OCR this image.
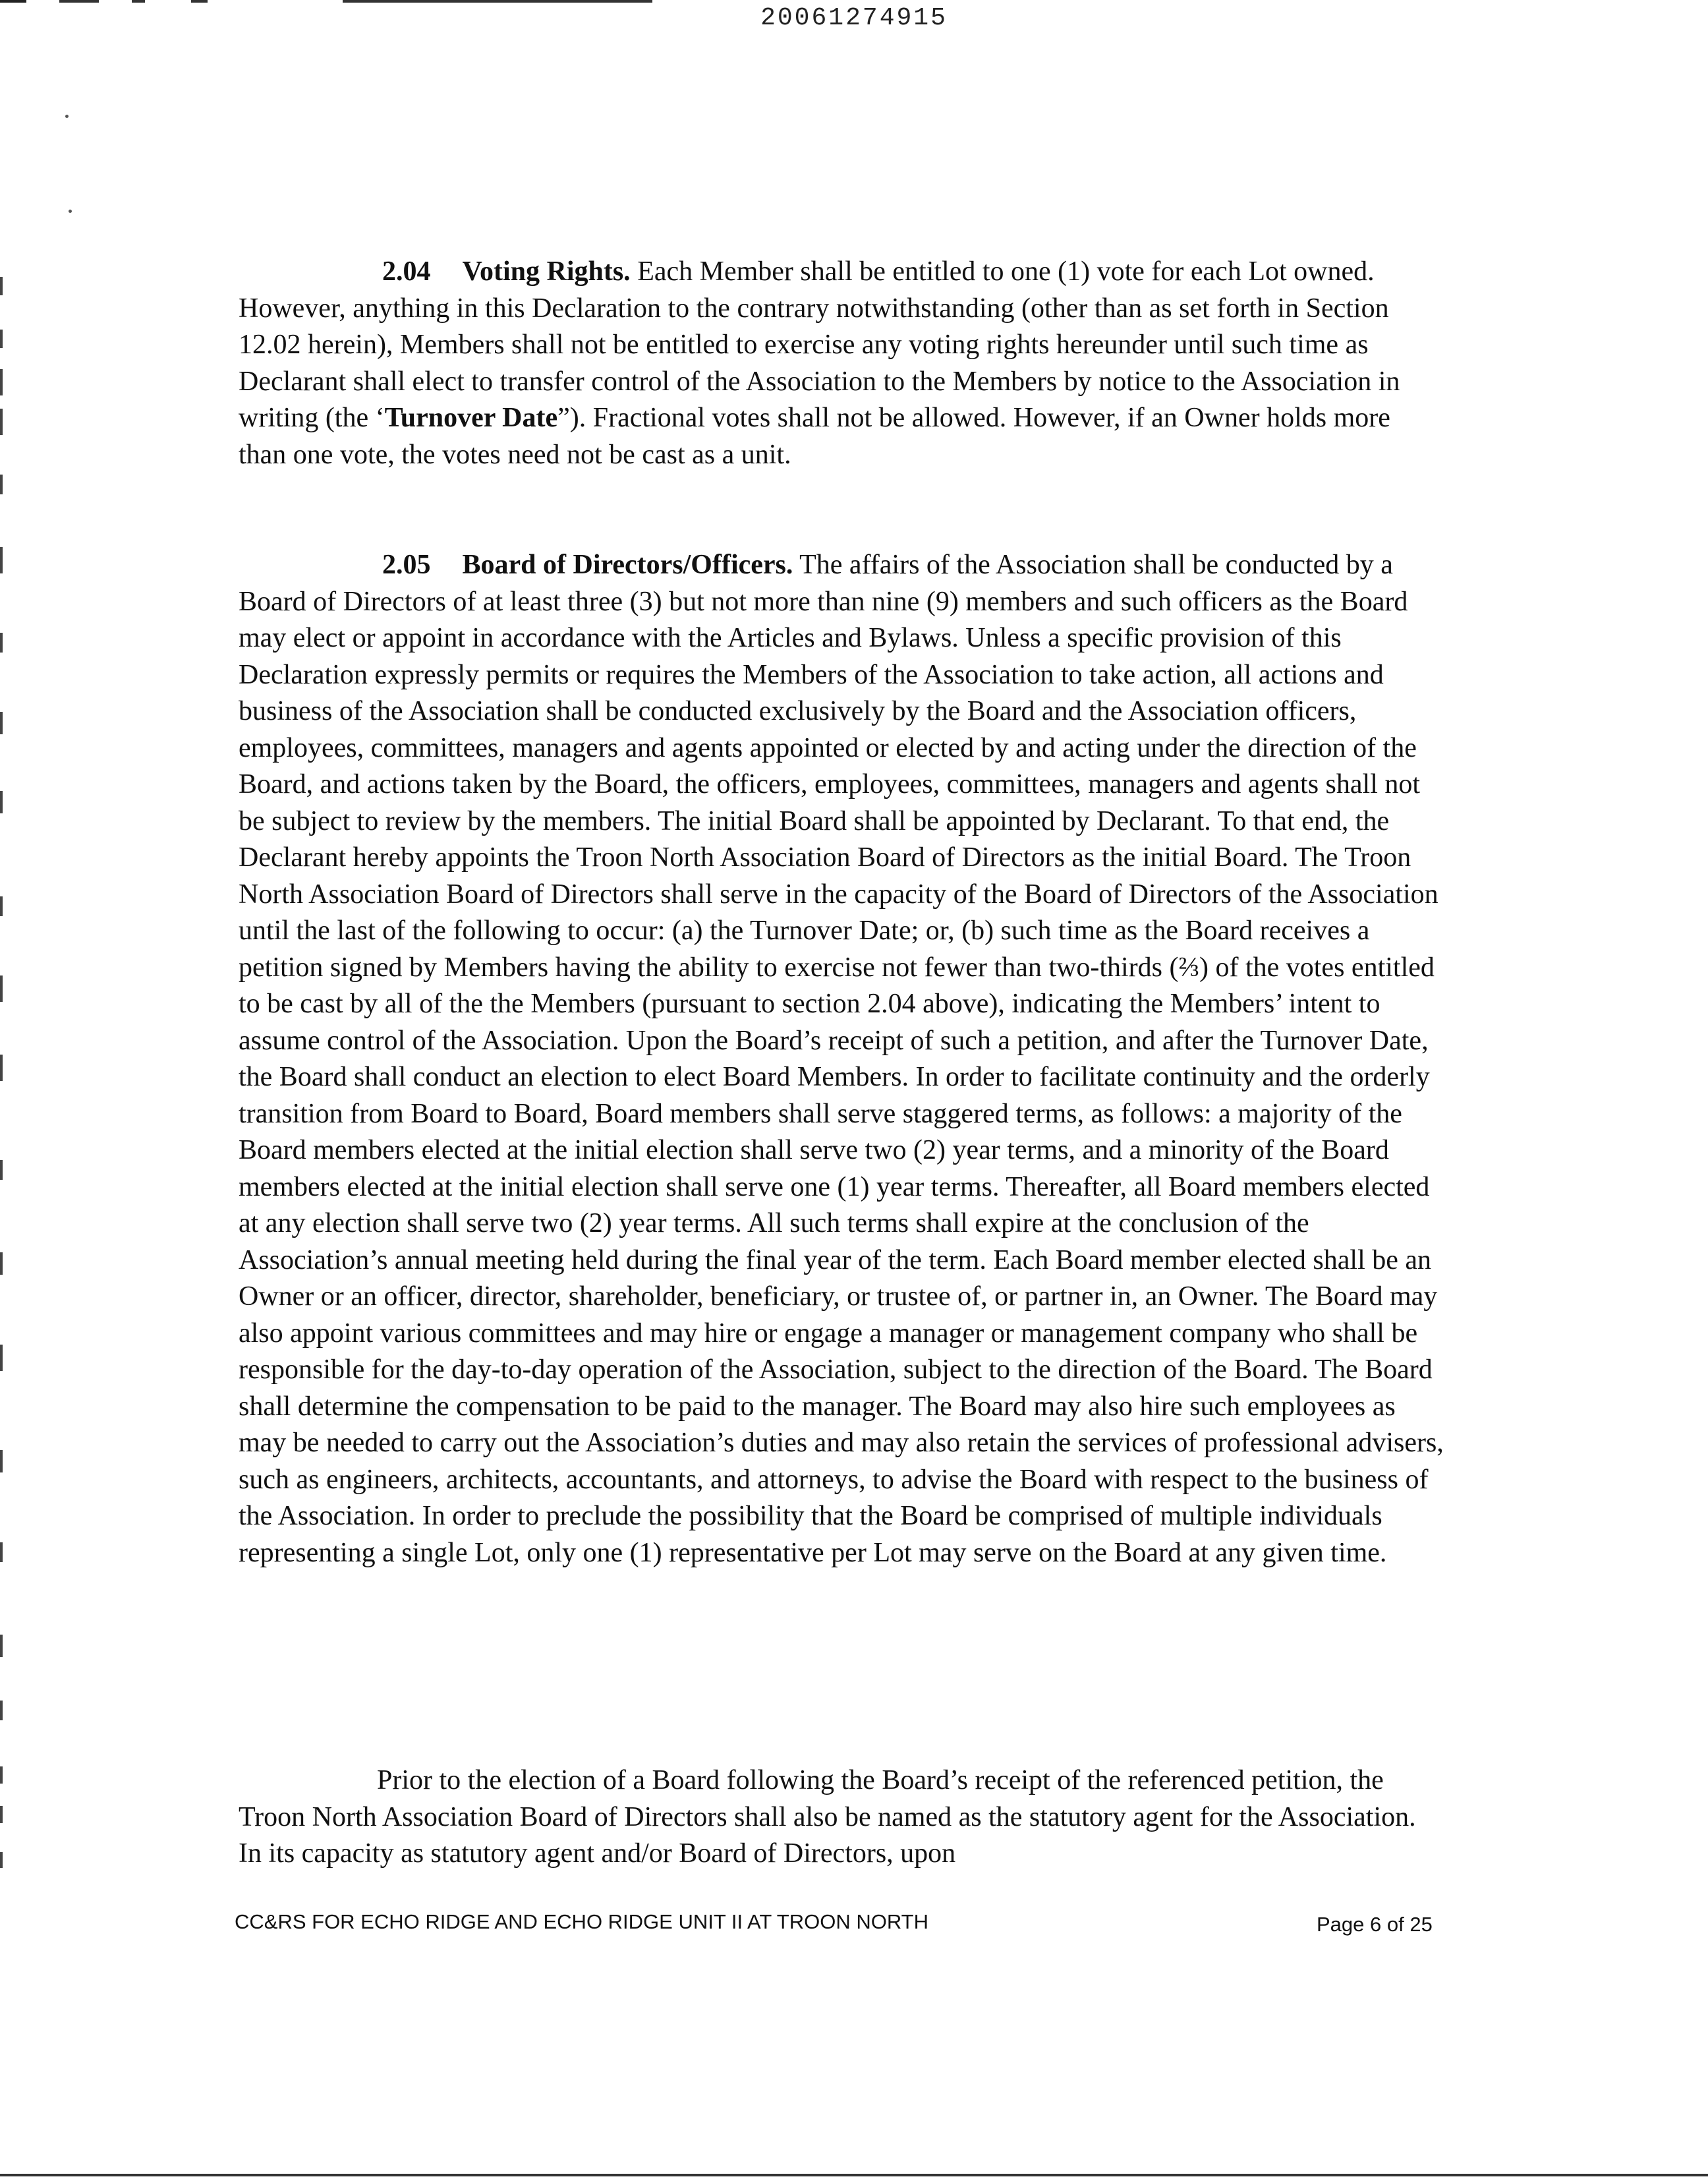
20061274915

2.04 Voting Rights. Each Member shall be entitled to one (1) vote for each Lot owned. However, anything in this Declaration to the contrary notwithstanding (other than as set forth in Section 12.02 herein), Members shall not be entitled to exercise any voting rights hereunder until such time as Declarant shall elect to transfer control of the Association to the Members by notice to the Association in writing (the ‘Turnover Date”). Fractional votes shall not be allowed. However, if an Owner holds more than one vote, the votes need not be cast as a unit.

2.05 Board of Directors/Officers. The affairs of the Association shall be conducted by a Board of Directors of at least three (3) but not more than nine (9) members and such officers as the Board may elect or appoint in accordance with the Articles and Bylaws. Unless a specific provision of this Declaration expressly permits or requires the Members of the Association to take action, all actions and business of the Association shall be conducted exclusively by the Board and the Association officers, employees, committees, managers and agents appointed or elected by and acting under the direction of the Board, and actions taken by the Board, the officers, employees, committees, managers and agents shall not be subject to review by the members. The initial Board shall be appointed by Declarant. To that end, the Declarant hereby appoints the Troon North Association Board of Directors as the initial Board. The Troon North Association Board of Directors shall serve in the capacity of the Board of Directors of the Association until the last of the following to occur: (a) the Turnover Date; or, (b) such time as the Board receives a petition signed by Members having the ability to exercise not fewer than two-thirds (⅔) of the votes entitled to be cast by all of the the Members (pursuant to section 2.04 above), indicating the Members’ intent to assume control of the Association. Upon the Board’s receipt of such a petition, and after the Turnover Date, the Board shall conduct an election to elect Board Members. In order to facilitate continuity and the orderly transition from Board to Board, Board members shall serve staggered terms, as follows: a majority of the Board members elected at the initial election shall serve two (2) year terms, and a minority of the Board members elected at the initial election shall serve one (1) year terms. Thereafter, all Board members elected at any election shall serve two (2) year terms. All such terms shall expire at the conclusion of the Association’s annual meeting held during the final year of the term. Each Board member elected shall be an Owner or an officer, director, shareholder, beneficiary, or trustee of, or partner in, an Owner. The Board may also appoint various committees and may hire or engage a manager or management company who shall be responsible for the day-to-day operation of the Association, subject to the direction of the Board. The Board shall determine the compensation to be paid to the manager. The Board may also hire such employees as may be needed to carry out the Association’s duties and may also retain the services of professional advisers, such as engineers, architects, accountants, and attorneys, to advise the Board with respect to the business of the Association. In order to preclude the possibility that the Board be comprised of multiple individuals representing a single Lot, only one (1) representative per Lot may serve on the Board at any given time.

Prior to the election of a Board following the Board’s receipt of the referenced petition, the Troon North Association Board of Directors shall also be named as the statutory agent for the Association. In its capacity as statutory agent and/or Board of Directors, upon

CC&RS FOR ECHO RIDGE AND ECHO RIDGE UNIT II AT TROON NORTH	Page 6 of 25
